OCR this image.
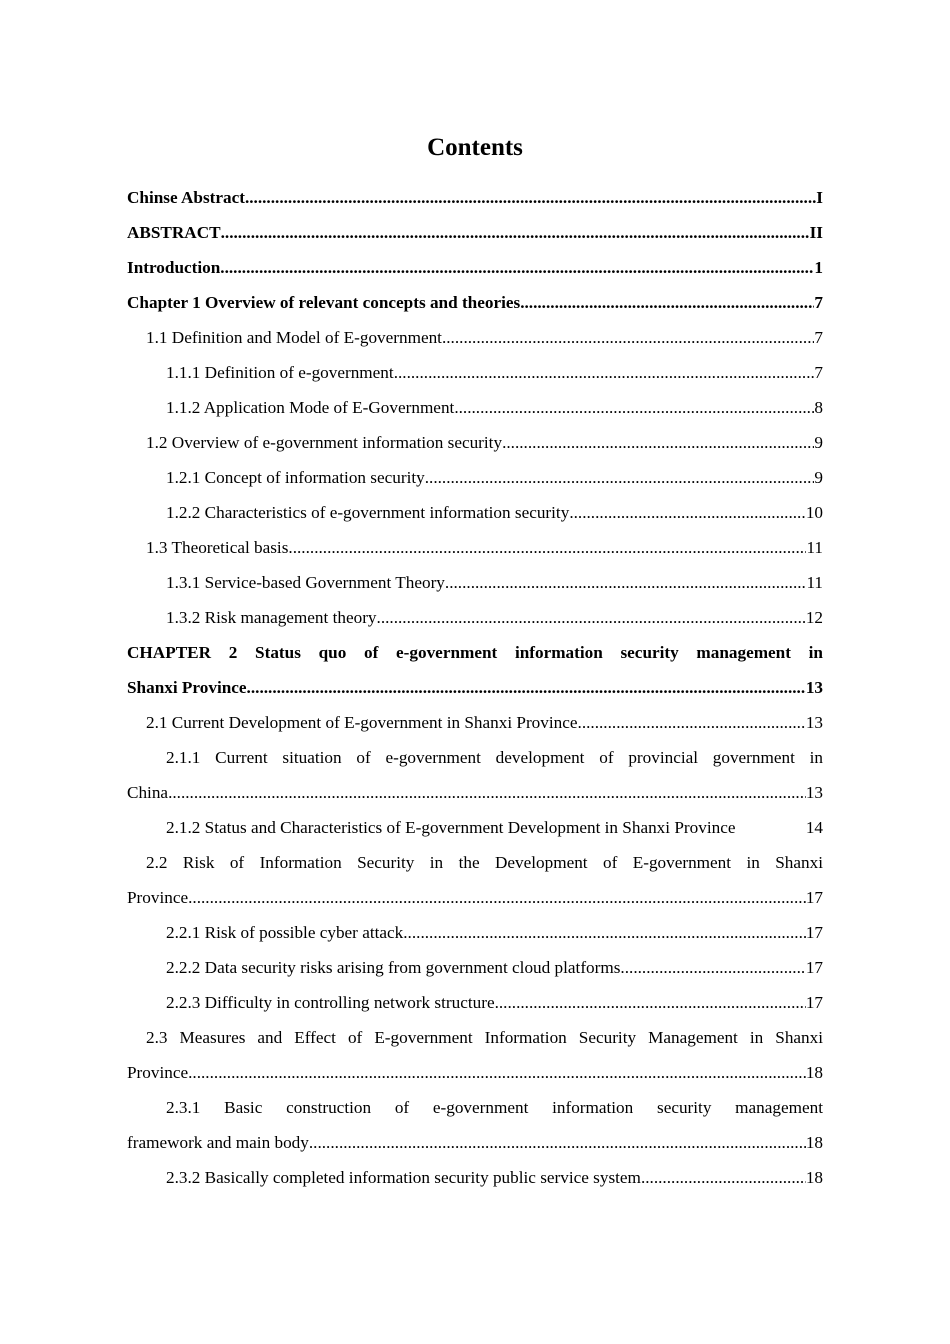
Contents
Chinse Abstract .....	I
ABSTRACT .....	II
Introduction .....	1
Chapter 1 Overview of relevant concepts and theories .....	7
1.1 Definition and Model of E-government .....	7
1.1.1 Definition of e-government .....	7
1.1.2 Application Mode of E-Government .....	8
1.2 Overview of e-government information security .....	9
1.2.1 Concept of information security .....	9
1.2.2 Characteristics of e-government information security .....	10
1.3 Theoretical basis .....	11
1.3.1 Service-based Government Theory .....	11
1.3.2 Risk management theory .....	12
CHAPTER 2 Status quo of e-government information security management in
Shanxi Province .....	13
2.1 Current Development of E-government in Shanxi Province .....	13
2.1.1 Current situation of e-government development of provincial government in
China .....	13
2.1.2 Status and Characteristics of E-government Development in Shanxi Province	14
2.2 Risk of Information Security in the Development of E-government in Shanxi
Province .....	17
2.2.1 Risk of possible cyber attack .....	17
2.2.2 Data security risks arising from government cloud platforms .....	17
2.2.3 Difficulty in controlling network structure .....	17
2.3 Measures and Effect of E-government Information Security Management in Shanxi
Province .....	18
2.3.1 Basic construction of e-government information security management
framework and main body .....	18
2.3.2 Basically completed information security public service system .....	18
